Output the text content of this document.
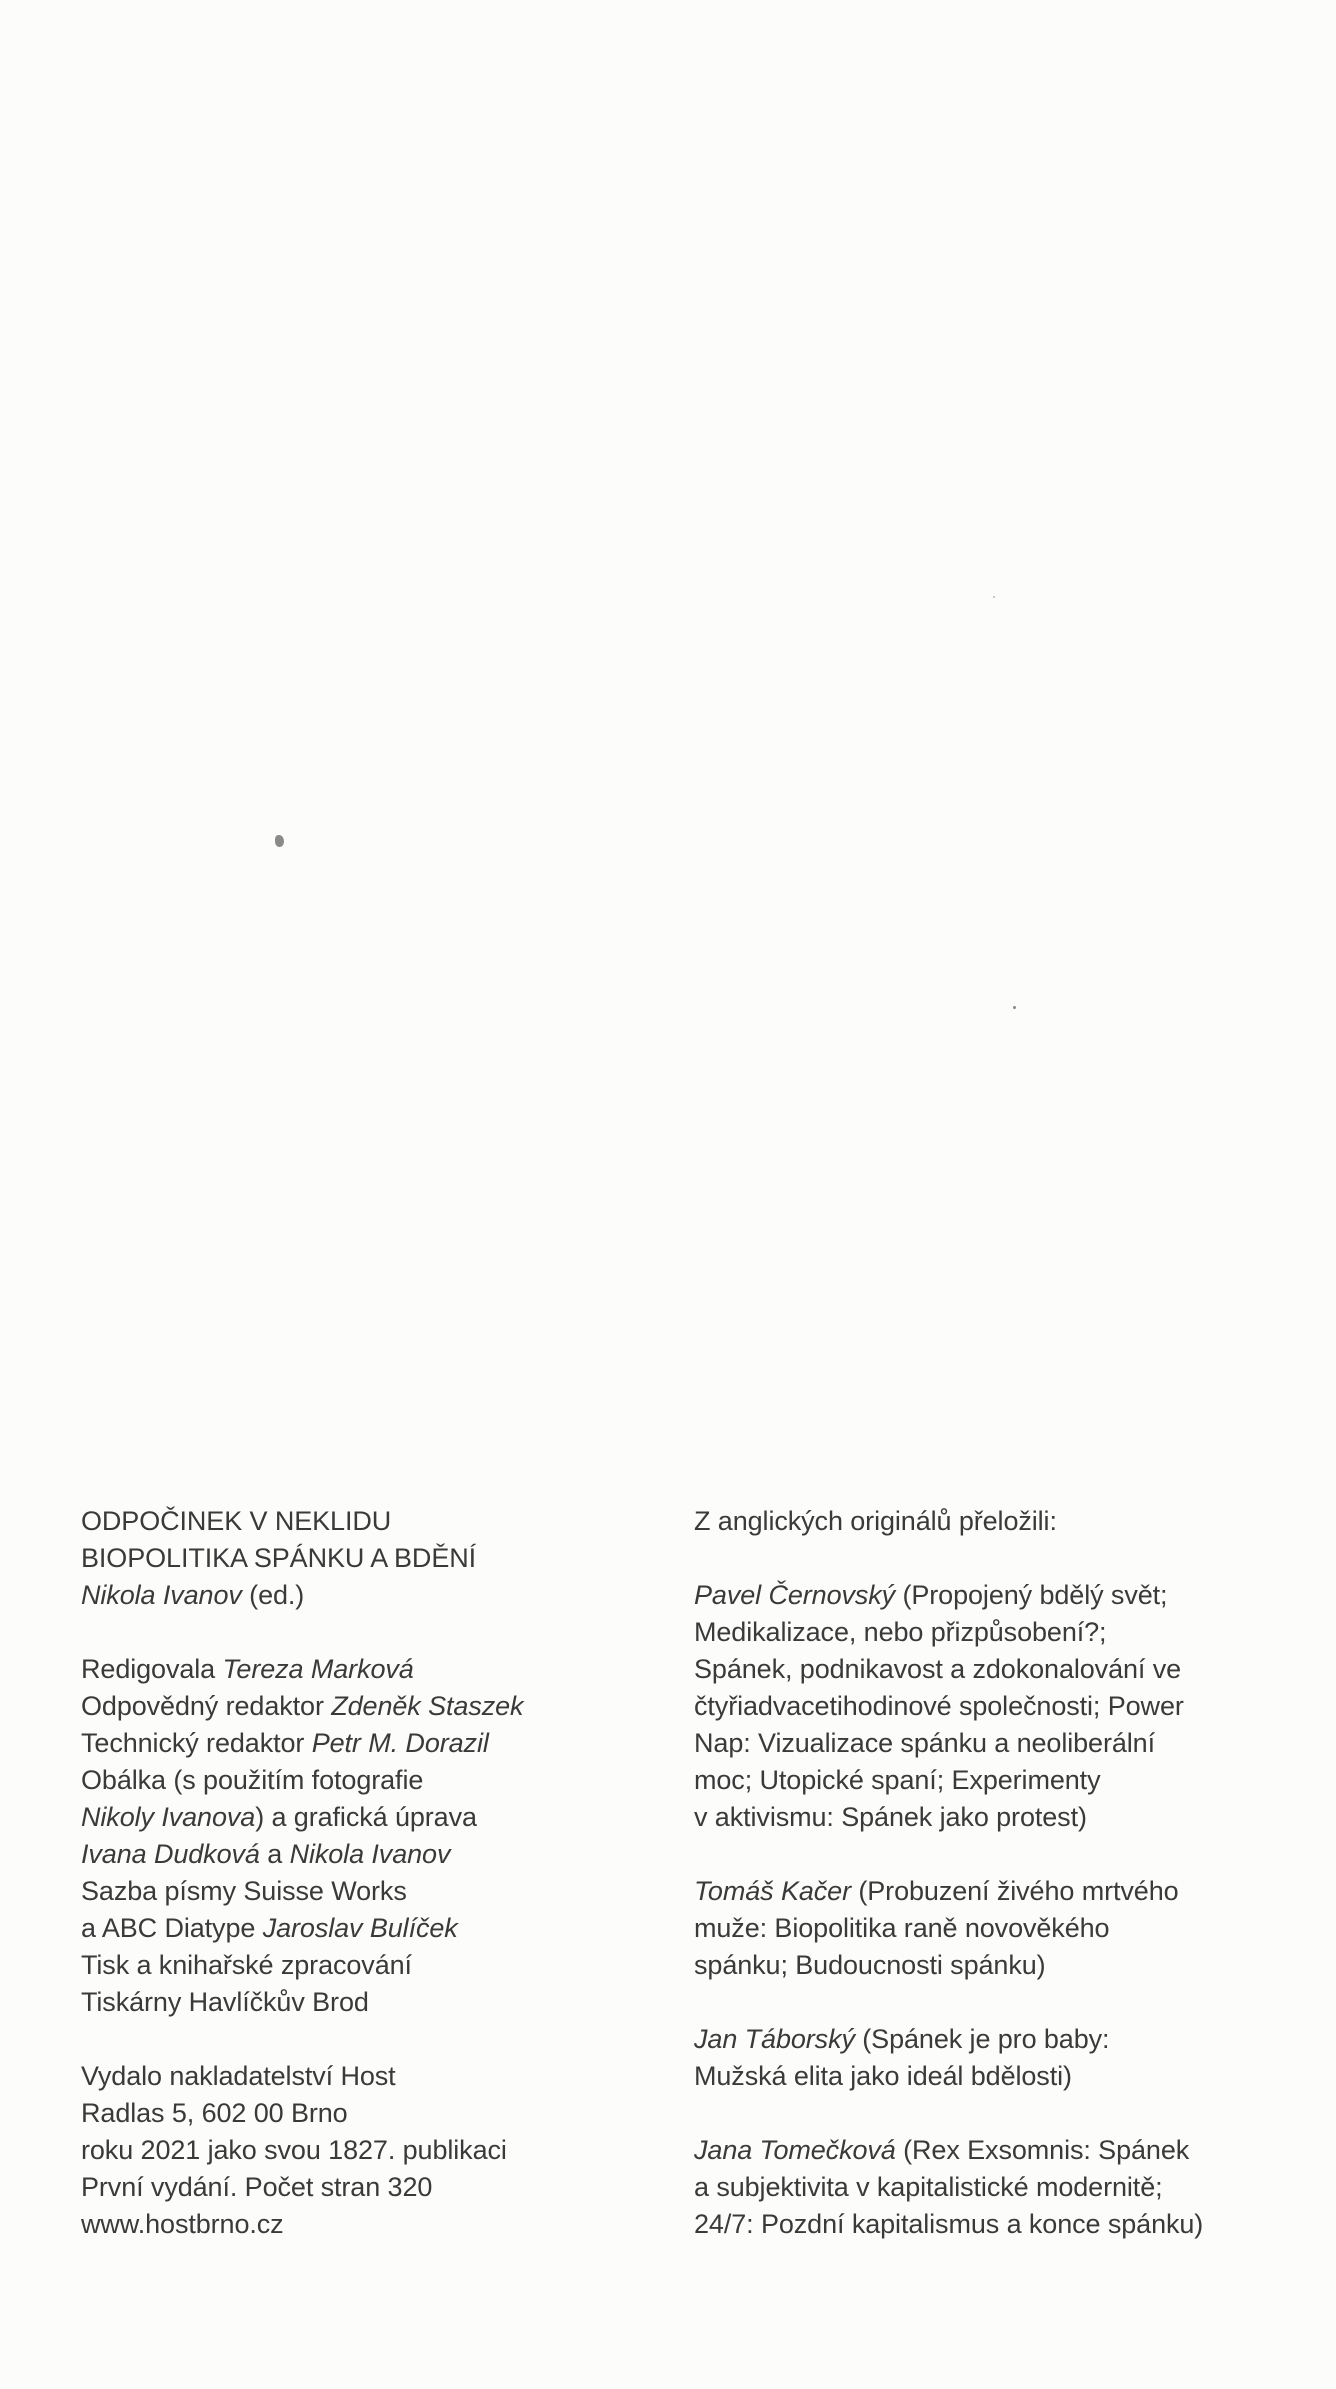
ODPOČINEK V NEKLIDU
BIOPOLITIKA SPÁNKU A BDĚNÍ
Nikola Ivanov (ed.)
Redigovala Tereza Marková
Odpovědný redaktor Zdeněk Staszek
Technický redaktor Petr M. Dorazil
Obálka (s použitím fotografie
Nikoly Ivanova) a grafická úprava
Ivana Dudková a Nikola Ivanov
Sazba písmy Suisse Works
a ABC Diatype Jaroslav Bulíček
Tisk a knihařské zpracování
Tiskárny Havlíčkův Brod
Vydalo nakladatelství Host
Radlas 5, 602 00 Brno
roku 2021 jako svou 1827. publikaci
První vydání. Počet stran 320
www.hostbrno.cz
Z anglických originálů přeložili:
Pavel Černovský (Propojený bdělý svět;
Medikalizace, nebo přizpůsobení?;
Spánek, podnikavost a zdokonalování ve
čtyřiadvacetihodinové společnosti; Power
Nap: Vizualizace spánku a neoliberální
moc; Utopické spaní; Experimenty
v aktivismu: Spánek jako protest)
Tomáš Kačer (Probuzení živého mrtvého
muže: Biopolitika raně novověkého
spánku; Budoucnosti spánku)
Jan Táborský (Spánek je pro baby:
Mužská elita jako ideál bdělosti)
Jana Tomečková (Rex Exsomnis: Spánek
a subjektivita v kapitalistické modernitě;
24/7: Pozdní kapitalismus a konce spánku)
